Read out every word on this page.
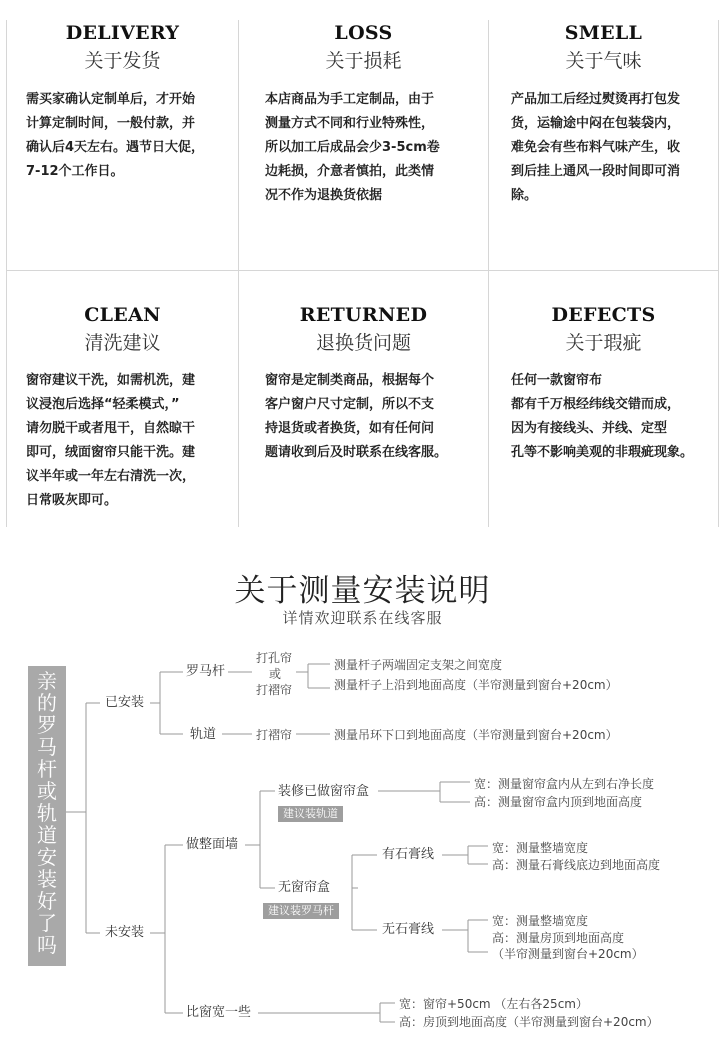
DELIVERY
关于发货
需买家确认定制单后，才开始
计算定制时间，一般付款，并
确认后4天左右。遇节日大促，
7-12个工作日。
LOSS
关于损耗
本店商品为手工定制品，由于
测量方式不同和行业特殊性，
所以加工后成品会少3-5cm卷
边耗损，介意者慎拍，此类情
况不作为退换货依据
SMELL
关于气味
产品加工后经过熨烫再打包发
货，运输途中闷在包装袋内，
难免会有些布料气味产生，收
到后挂上通风一段时间即可消
除。
CLEAN
清洗建议
窗帘建议干洗，如需机洗，建
议浸泡后选择“轻柔模式，”
请勿脱干或者甩干，自然晾干
即可，绒面窗帘只能干洗。建
议半年或一年左右清洗一次，
日常吸灰即可。
RETURNED
退换货问题
窗帘是定制类商品，根据每个
客户窗户尺寸定制，所以不支
持退货或者换货，如有任何问
题请收到后及时联系在线客服。
DEFECTS
关于瑕疵
任何一款窗帘布
都有千万根经纬线交错而成，
因为有接线头、并线、定型
孔等不影响美观的非瑕疵现象。
关于测量安装说明
详情欢迎联系在线客服
亲的罗马杆或轨道安装好了吗
已安装
罗马杆
打孔帘
或
打褶帘
测量杆子两端固定支架之间宽度
测量杆子上沿到地面高度（半帘测量到窗台+20cm）
轨道	打褶帘	测量吊环下口到地面高度（半帘测量到窗台+20cm）
未安装
做整面墙
装修已做窗帘盒
建议装轨道
宽：测量窗帘盒内从左到右净长度
高：测量窗帘盒内顶到地面高度
无窗帘盒
建议装罗马杆
有石膏线	宽：测量整墙宽度
高：测量石膏线底边到地面高度
无石膏线
宽：测量整墙宽度
高：测量房顶到地面高度
（半帘测量到窗台+20cm）
比窗宽一些
宽：窗帘+50cm （左右各25cm）
高：房顶到地面高度（半帘测量到窗台+20cm）
